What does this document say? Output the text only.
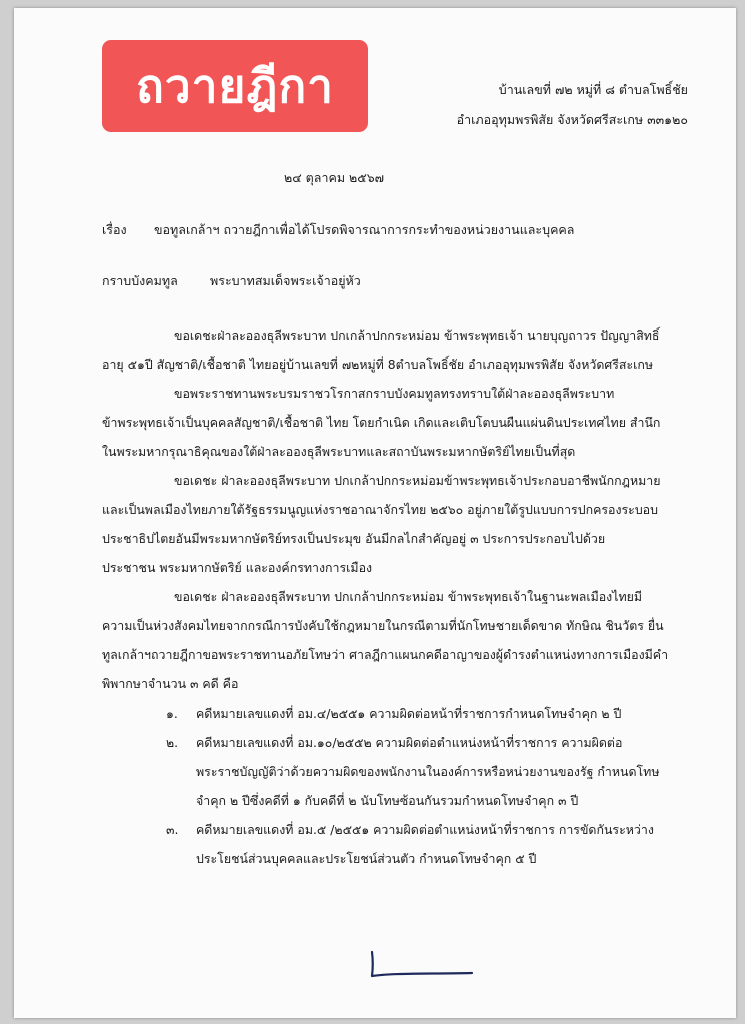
ถวายฎีกา	บ้านเลขที่ ๗๒ หมู่ที่ ๘ ตำบลโพธิ์ชัย
อำเภออุทุมพรพิสัย จังหวัดศรีสะเกษ ๓๓๑๒๐
๒๔ ตุลาคม ๒๕๖๗
เรื่อง ขอทูลเกล้าฯ ถวายฎีกาเพื่อได้โปรดพิจารณาการกระทำของหน่วยงานและบุคคล
กราบบังคมทูล	พระบาทสมเด็จพระเจ้าอยู่หัว
ขอเดชะฝ่าละอองธุลีพระบาท ปกเกล้าปกกระหม่อม ข้าพระพุทธเจ้า นายบุญถาวร ปัญญาสิทธิ์
อายุ ๕๑ปี สัญชาติ/เชื้อชาติ ไทยอยู่บ้านเลขที่ ๗๒หมู่ที่ 8ตำบลโพธิ์ชัย อำเภออุทุมพรพิสัย จังหวัดศรีสะเกษ
ขอพระราชทานพระบรมราชวโรกาสกราบบังคมทูลทรงทราบใต้ฝ่าละอองธุลีพระบาท
ข้าพระพุทธเจ้าเป็นบุคคลสัญชาติ/เชื้อชาติ ไทย โดยกำเนิด เกิดและเติบโตบนผืนแผ่นดินประเทศไทย สำนึก
ในพระมหากรุณาธิคุณของใต้ฝ่าละอองธุลีพระบาทและสถาบันพระมหากษัตริย์ไทยเป็นที่สุด
ขอเดชะ ฝ่าละอองธุลีพระบาท ปกเกล้าปกกระหม่อมข้าพระพุทธเจ้าประกอบอาชีพนักกฎหมาย
และเป็นพลเมืองไทยภายใต้รัฐธรรมนูญแห่งราชอาณาจักรไทย ๒๕๖๐ อยู่ภายใต้รูปแบบการปกครองระบอบ
ประชาธิปไตยอันมีพระมหากษัตริย์ทรงเป็นประมุข อันมีกลไกสำคัญอยู่ ๓ ประการประกอบไปด้วย
ประชาชน พระมหากษัตริย์ และองค์กรทางการเมือง
ขอเดชะ ฝ่าละอองธุลีพระบาท ปกเกล้าปกกระหม่อม ข้าพระพุทธเจ้าในฐานะพลเมืองไทยมี
ความเป็นห่วงสังคมไทยจากกรณีการบังคับใช้กฎหมายในกรณีตามที่นักโทษชายเด็ดขาด ทักษิณ ชินวัตร ยื่น
ทูลเกล้าฯถวายฎีกาขอพระราชทานอภัยโทษว่า ศาลฎีกาแผนกคดีอาญาของผู้ดำรงตำแหน่งทางการเมืองมีคำ
พิพากษาจำนวน ๓ คดี คือ
๑.	คดีหมายเลขแดงที่ อม.๔/๒๕๕๑ ความผิดต่อหน้าที่ราชการกำหนดโทษจำคุก ๒ ปี
๒.	คดีหมายเลขแดงที่ อม.๑๐/๒๕๕๒ ความผิดต่อตำแหน่งหน้าที่ราชการ ความผิดต่อ
พระราชบัญญัติว่าด้วยความผิดของพนักงานในองค์การหรือหน่วยงานของรัฐ กำหนดโทษ
จำคุก ๒ ปีซึ่งคดีที่ ๑ กับคดีที่ ๒ นับโทษซ้อนกันรวมกำหนดโทษจำคุก ๓ ปี
๓.	คดีหมายเลขแดงที่ อม.๕ /๒๕๕๑ ความผิดต่อตำแหน่งหน้าที่ราชการ การขัดกันระหว่าง
ประโยชน์ส่วนบุคคลและประโยชน์ส่วนตัว กำหนดโทษจำคุก ๕ ปี
